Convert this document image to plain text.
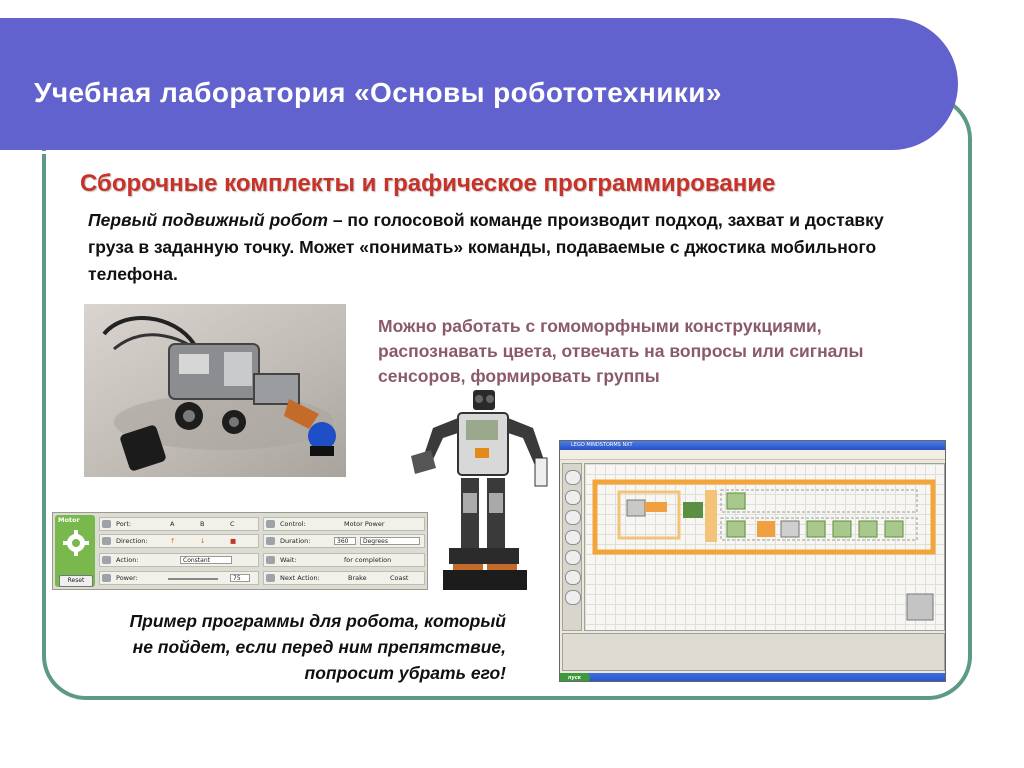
Учебная лаборатория «Основы робототехники»
Сборочные комплекты и графическое программирование
Первый подвижный робот – по голосовой команде производит подход, захват и доставку груза в заданную точку. Может «понимать» команды, подаваемые с джостика мобильного телефона.
Можно работать с гомоморфными конструкциями, распознавать цвета, отвечать на вопросы или сигналы сенсоров, формировать группы
Motor
Reset
Port:	A	B	C
Direction:	↑	↓	■
Action:	Constant
Power:	75
Control:	Motor Power
Duration:	360	Degrees
Wait:	for completion
Next Action:	Brake	Coast
Пример программы для робота, который
не пойдет, если перед ним препятствие,
попросит убрать его!
LEGO MINDSTORMS NXT
пуск
